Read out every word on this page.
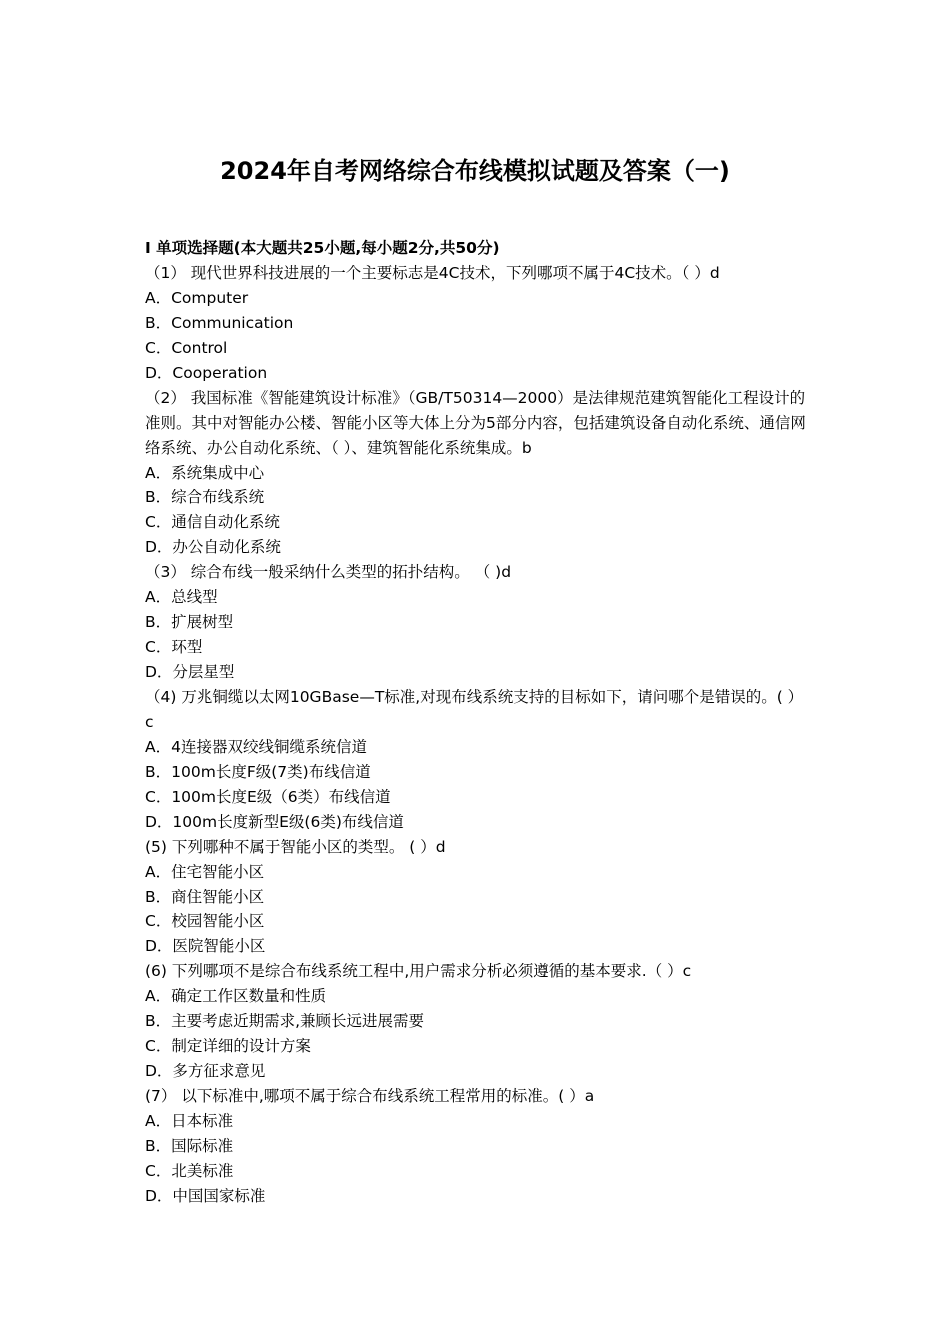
2024年自考网络综合布线模拟试题及答案（一)
Ⅰ 单项选择题(本大题共25小题,每小题2分,共50分)
（1） 现代世界科技进展的一个主要标志是4C技术，下列哪项不属于4C技术。（ ）d
A．Computer
B．Communication
C．Control
D．Cooperation
（2） 我国标准《智能建筑设计标准》（GB/T50314—2000）是法律规范建筑智能化工程设计的准则。其中对智能办公楼、智能小区等大体上分为5部分内容，包括建筑设备自动化系统、通信网络系统、办公自动化系统、（ ）、建筑智能化系统集成。b
A．系统集成中心
B．综合布线系统
C．通信自动化系统
D．办公自动化系统
（3） 综合布线一般采纳什么类型的拓扑结构。 （ )d
A．总线型
B．扩展树型
C．环型
D．分层星型
（4) 万兆铜缆以太网10GBase—T标准,对现布线系统支持的目标如下，请问哪个是错误的。( ）c
A．4连接器双绞线铜缆系统信道
B．100m长度F级(7类)布线信道
C．100m长度E级（6类）布线信道
D．100m长度新型E级(6类)布线信道
(5) 下列哪种不属于智能小区的类型。 ( ）d
A．住宅智能小区
B．商住智能小区
C．校园智能小区
D．医院智能小区
(6) 下列哪项不是综合布线系统工程中,用户需求分析必须遵循的基本要求.（ ）c
A．确定工作区数量和性质
B．主要考虑近期需求,兼顾长远进展需要
C．制定详细的设计方案
D．多方征求意见
(7） 以下标准中,哪项不属于综合布线系统工程常用的标准。( ）a
A．日本标准
B．国际标准
C．北美标准
D．中国国家标准
